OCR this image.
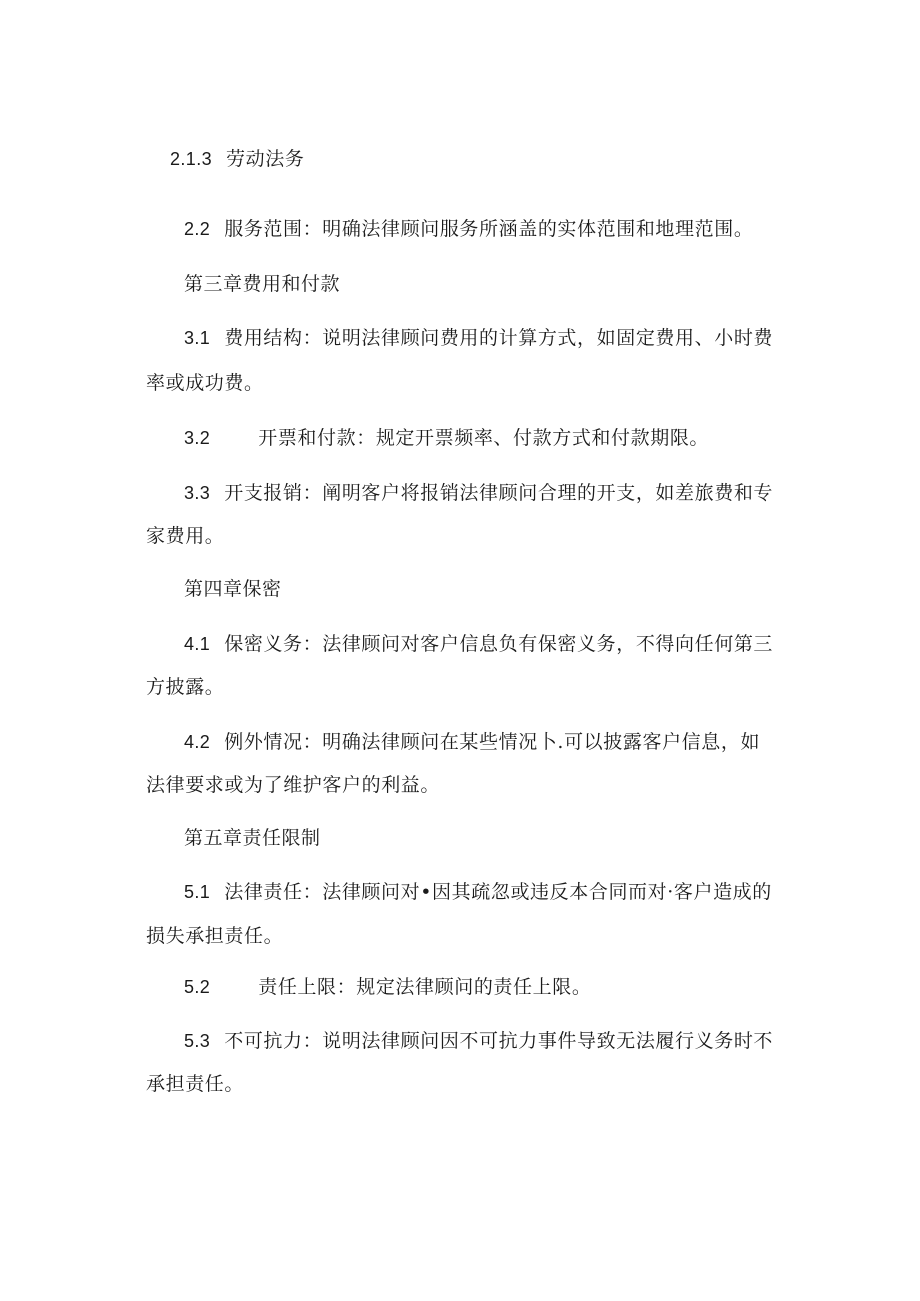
2.1.3 劳动法务
2.2 服务范围：明确法律顾问服务所涵盖的实体范围和地理范围。
第三章费用和付款
3.1 费用结构：说明法律顾问费用的计算方式，如固定费用、小时费
率或成功费。
3.2	开票和付款：规定开票频率、付款方式和付款期限。
3.3 开支报销：阐明客户将报销法律顾问合理的开支，如差旅费和专
家费用。
第四章保密
4.1 保密义务：法律顾问对客户信息负有保密义务，不得向任何第三
方披露。
4.2 例外情况：明确法律顾问在某些情况卜.可以披露客户信息，如
法律要求或为了维护客户的利益。
第五章责任限制
5.1 法律责任：法律顾问对•因其疏忽或违反本合同而对·客户造成的
损失承担责任。
5.2	责任上限：规定法律顾问的责任上限。
5.3 不可抗力：说明法律顾问因不可抗力事件导致无法履行义务时不
承担责任。
